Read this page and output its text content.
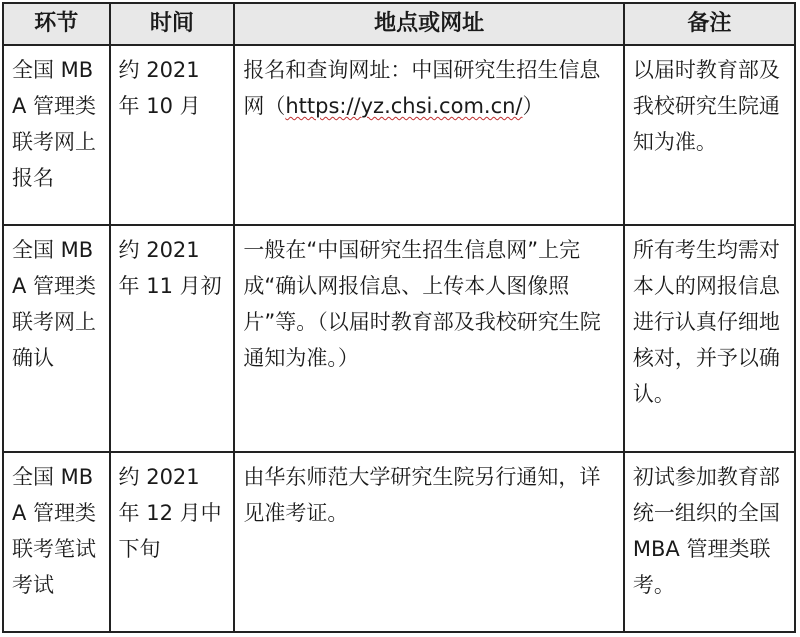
环节	时间	地点或网址	备注
全国 MBA 管理类联考网上报名	约 2021 年 10 月	报名和查询网址：中国研究生招生信息网（https://yz.chsi.com.cn/）	以届时教育部及我校研究生院通知为准。
全国 MBA 管理类联考网上确认	约 2021 年 11 月初	一般在“中国研究生招生信息网”上完成“确认网报信息、上传本人图像照片”等。（以届时教育部及我校研究生院通知为准。）	所有考生均需对本人的网报信息进行认真仔细地核对，并予以确认。
全国 MBA 管理类联考笔试考试	约 2021 年 12 月中下旬	由华东师范大学研究生院另行通知，详见准考证。	初试参加教育部统一组织的全国 MBA 管理类联考。
